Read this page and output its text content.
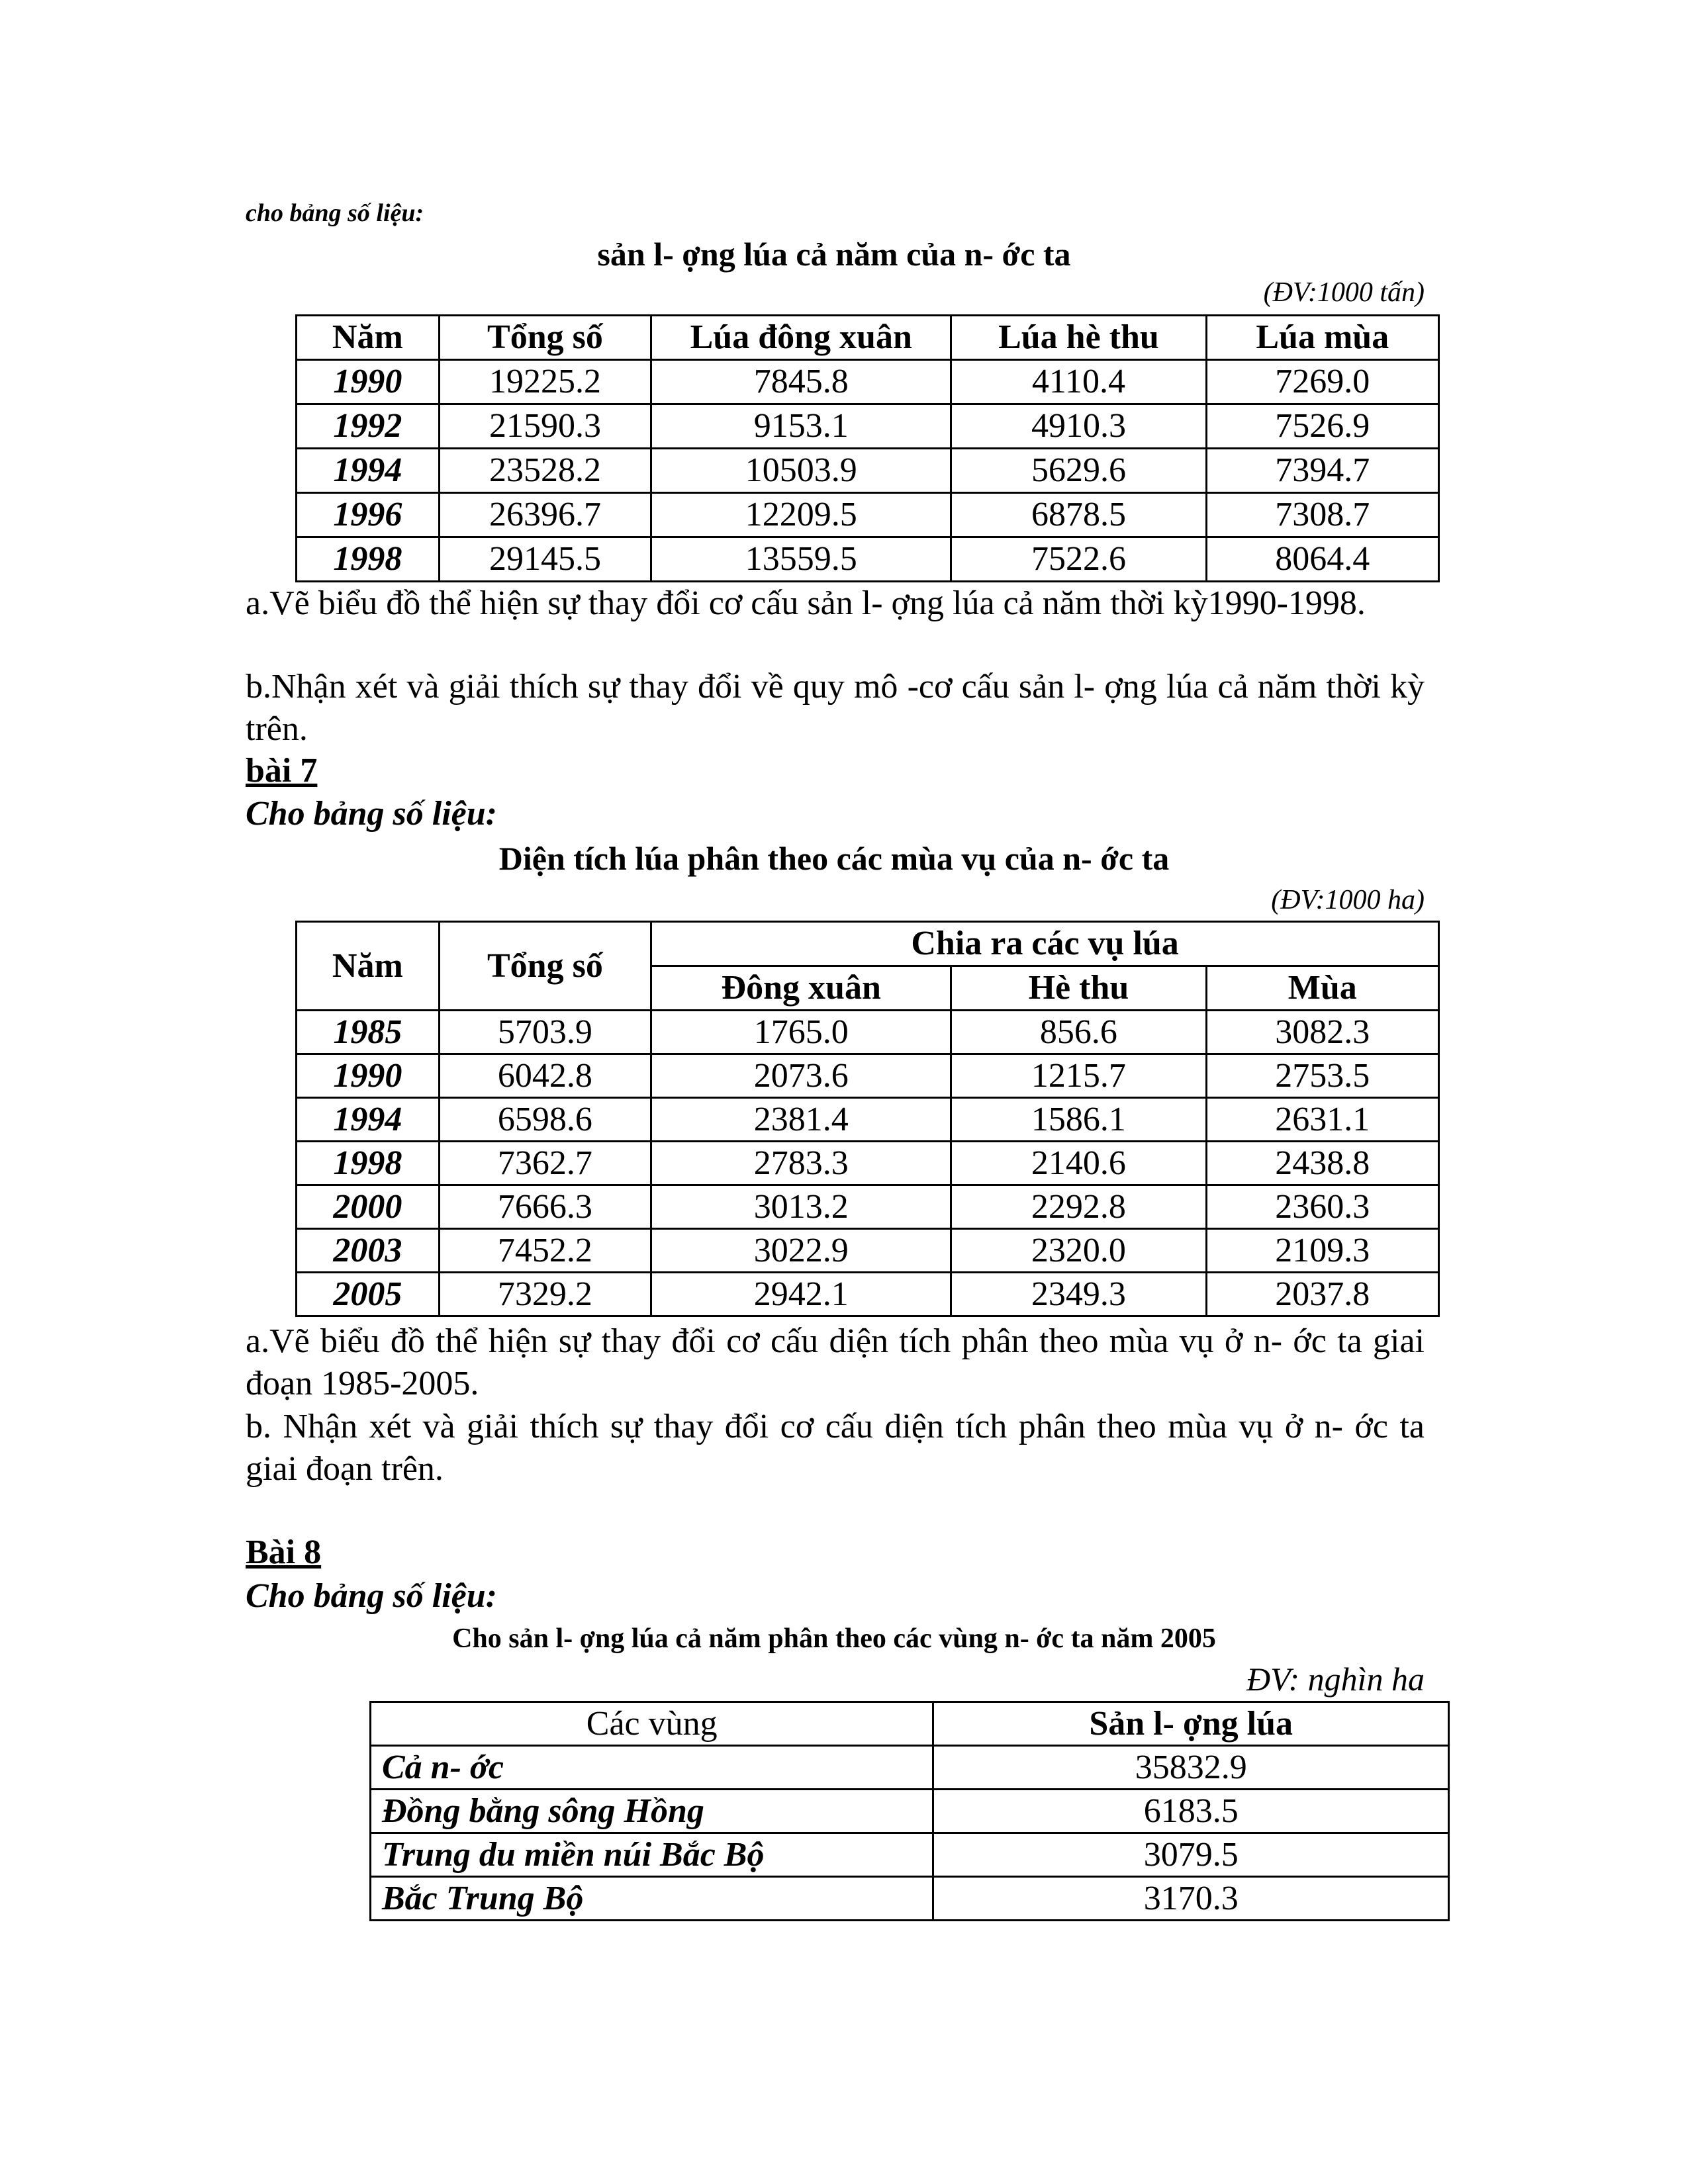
cho bảng số liệu:
sản l- ợng lúa cả năm của n- ớc ta
(ĐV:1000 tấn)
Năm	Tổng số	Lúa đông xuân	Lúa hè thu	Lúa mùa
1990	19225.2	7845.8	4110.4	7269.0
1992	21590.3	9153.1	4910.3	7526.9
1994	23528.2	10503.9	5629.6	7394.7
1996	26396.7	12209.5	6878.5	7308.7
1998	29145.5	13559.5	7522.6	8064.4
a.Vẽ biểu đồ thể hiện sự thay đổi cơ cấu sản l- ợng lúa cả năm thời kỳ1990-1998.
b.Nhận xét và giải thích sự thay đổi về quy mô -cơ cấu sản l- ợng lúa cả năm thời kỳ trên.
bài 7
Cho bảng số liệu:
Diện tích lúa phân theo các mùa vụ của n- ớc ta
(ĐV:1000 ha)
Năm	Tổng số	Chia ra các vụ lúa		
		Đông xuân	Hè thu	Mùa
1985	5703.9	1765.0	856.6	3082.3
1990	6042.8	2073.6	1215.7	2753.5
1994	6598.6	2381.4	1586.1	2631.1
1998	7362.7	2783.3	2140.6	2438.8
2000	7666.3	3013.2	2292.8	2360.3
2003	7452.2	3022.9	2320.0	2109.3
2005	7329.2	2942.1	2349.3	2037.8
a.Vẽ biểu đồ thể hiện sự thay đổi cơ cấu diện tích phân theo mùa vụ ở n- ớc ta giai đoạn 1985-2005.
b. Nhận xét và giải thích sự thay đổi cơ cấu diện tích phân theo mùa vụ ở n- ớc ta giai đoạn trên.
Bài 8
Cho bảng số liệu:
Cho sản l- ợng lúa cả năm phân theo các vùng n- ớc ta năm 2005
ĐV: nghìn ha
Các vùng	Sản l- ợng lúa
Cả n- ớc	35832.9
Đồng bằng sông Hồng	6183.5
Trung du miền núi Bắc Bộ	3079.5
Bắc Trung Bộ	3170.3
